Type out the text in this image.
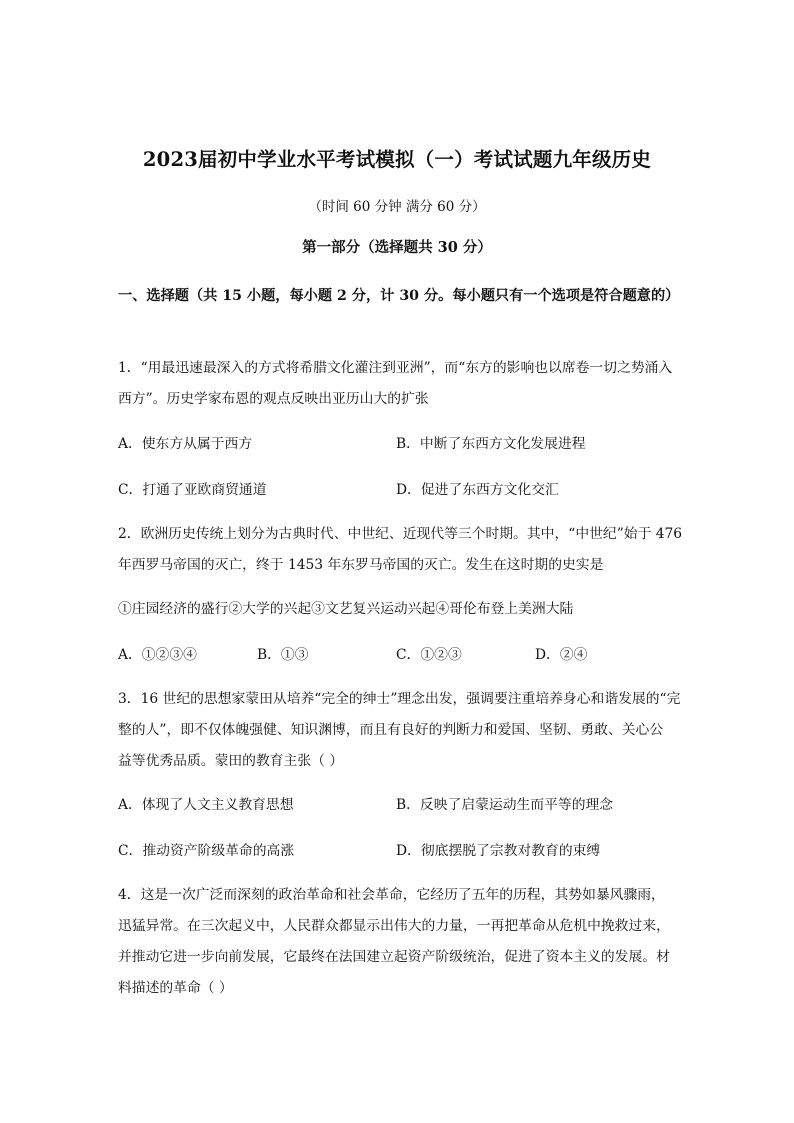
2023届初中学业水平考试模拟（一）考试试题九年级历史
（时间 60 分钟 满分 60 分）
第一部分（选择题共 30 分）
一、选择题（共 15 小题，每小题 2 分，计 30 分。每小题只有一个选项是符合题意的）
1．“用最迅速最深入的方式将希腊文化灌注到亚洲”，而“东方的影响也以席卷一切之势涌入
西方”。历史学家布恩的观点反映出亚历山大的扩张
A．使东方从属于西方	B．中断了东西方文化发展进程
C．打通了亚欧商贸通道	D．促进了东西方文化交汇
2．欧洲历史传统上划分为古典时代、中世纪、近现代等三个时期。其中，“中世纪”始于 476
年西罗马帝国的灭亡，终于 1453 年东罗马帝国的灭亡。发生在这时期的史实是
①庄园经济的盛行②大学的兴起③文艺复兴运动兴起④哥伦布登上美洲大陆
A．①②③④	B．①③	C．①②③	D．②④
3．16 世纪的思想家蒙田从培养“完全的绅士”理念出发，强调要注重培养身心和谐发展的“完
整的人”，即不仅体魄强健、知识渊博，而且有良好的判断力和爱国、坚韧、勇敢、关心公
益等优秀品质。蒙田的教育主张（ ）
A．体现了人文主义教育思想	B．反映了启蒙运动生而平等的理念
C．推动资产阶级革命的高涨	D．彻底摆脱了宗教对教育的束缚
4．这是一次广泛而深刻的政治革命和社会革命，它经历了五年的历程，其势如暴风骤雨，
迅猛异常。在三次起义中，人民群众都显示出伟大的力量，一再把革命从危机中挽救过来，
并推动它进一步向前发展，它最终在法国建立起资产阶级统治，促进了资本主义的发展。材
料描述的革命（ ）
